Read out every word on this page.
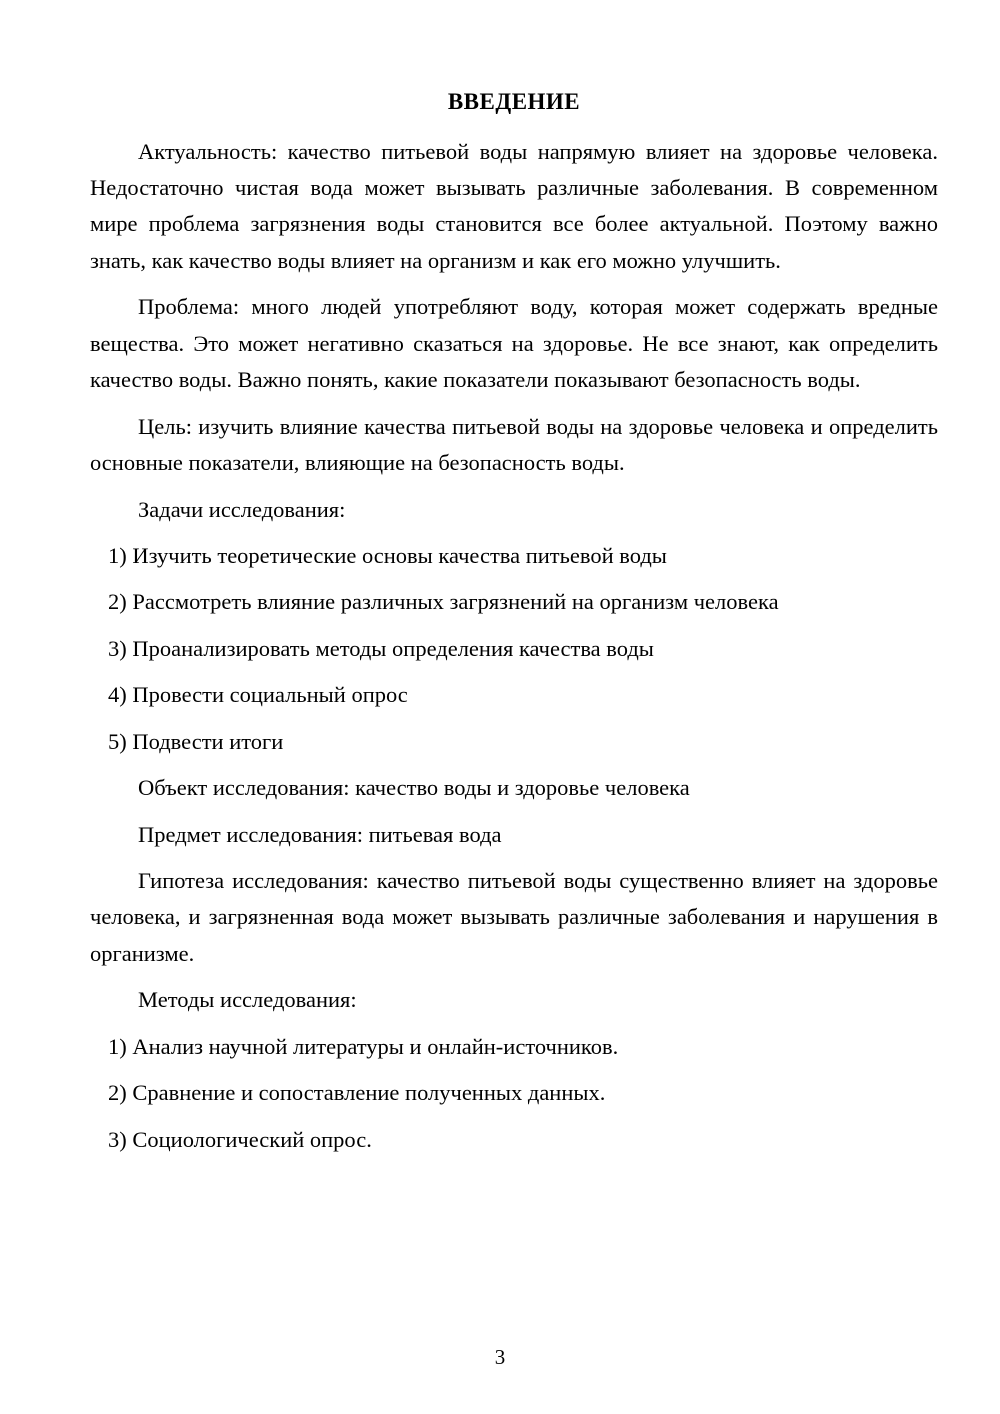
ВВЕДЕНИЕ

Актуальность: качество питьевой воды напрямую влияет на здоровье человека. Недостаточно чистая вода может вызывать различные заболевания. В современном мире проблема загрязнения воды становится все более актуальной. Поэтому важно знать, как качество воды влияет на организм и как его можно улучшить.

Проблема: много людей употребляют воду, которая может содержать вредные вещества. Это может негативно сказаться на здоровье. Не все знают, как определить качество воды. Важно понять, какие показатели показывают безопасность воды.

Цель: изучить влияние качества питьевой воды на здоровье человека и определить основные показатели, влияющие на безопасность воды.

Задачи исследования:

1) Изучить теоретические основы качества питьевой воды

2) Рассмотреть влияние различных загрязнений на организм человека

3) Проанализировать методы определения качества воды

4) Провести социальный опрос

5) Подвести итоги

Объект исследования: качество воды и здоровье человека

Предмет исследования: питьевая вода

Гипотеза исследования: качество питьевой воды существенно влияет на здоровье человека, и загрязненная вода может вызывать различные заболевания и нарушения в организме.

Методы исследования:

1) Анализ научной литературы и онлайн-источников.

2) Сравнение и сопоставление полученных данных.

3) Социологический опрос.

3
